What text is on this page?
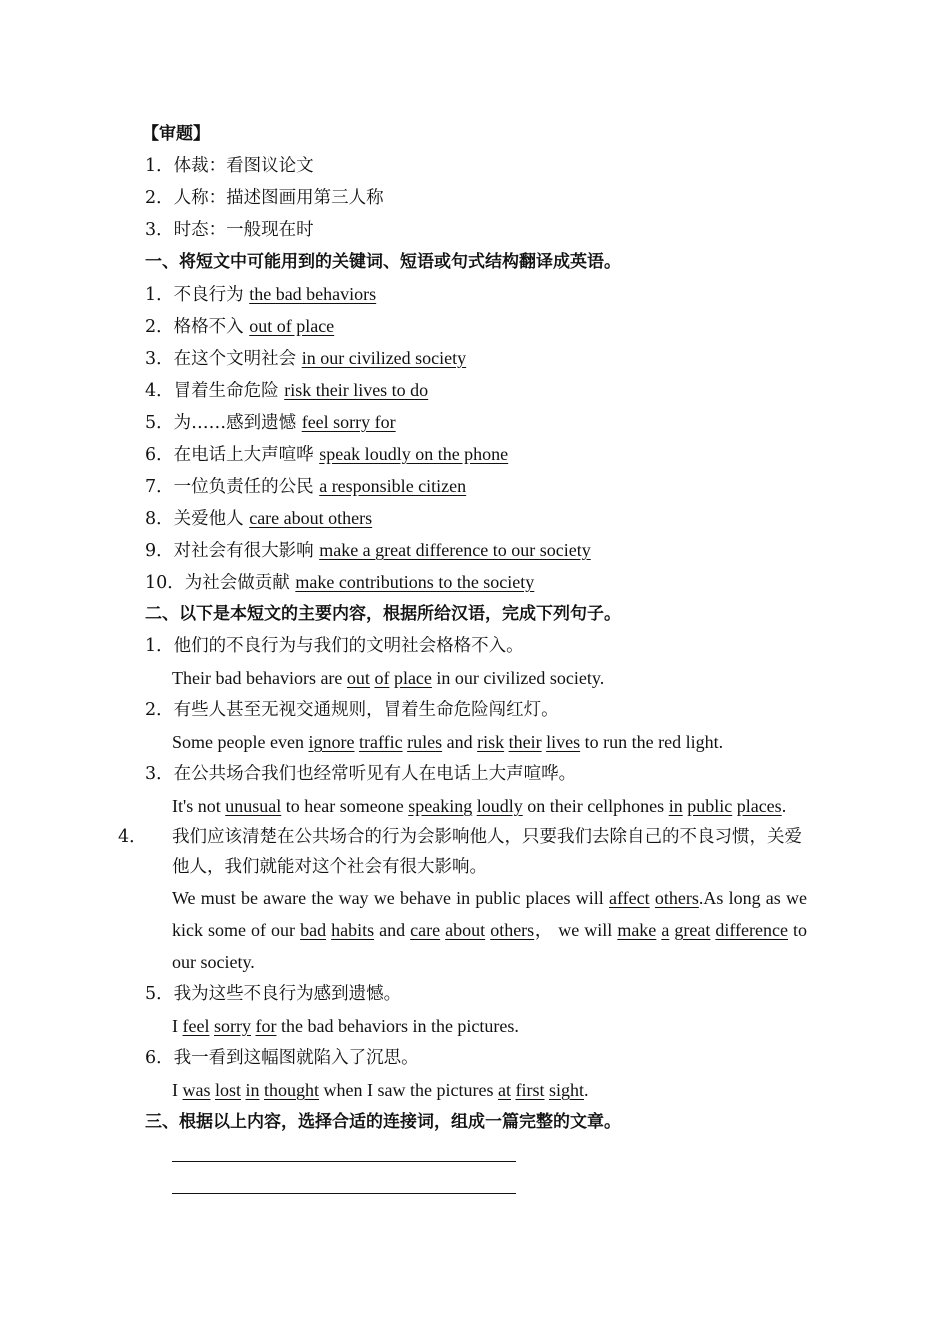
【审题】
1．体裁：看图议论文
2．人称：描述图画用第三人称
3．时态：一般现在时
一、将短文中可能用到的关键词、短语或句式结构翻译成英语。
1．不良行为 the bad behaviors
2．格格不入 out of place
3．在这个文明社会 in our civilized society
4．冒着生命危险 risk their lives to do
5．为……感到遗憾 feel sorry for
6．在电话上大声喧哗 speak loudly on the phone
7．一位负责任的公民 a responsible citizen
8．关爱他人 care about others
9．对社会有很大影响 make a great difference to our society
10．为社会做贡献 make contributions to the society
二、以下是本短文的主要内容，根据所给汉语，完成下列句子。
1．他们的不良行为与我们的文明社会格格不入。
Their bad behaviors are out of place in our civilized society.
2．有些人甚至无视交通规则，冒着生命危险闯红灯。
Some people even ignore traffic rules and risk their lives to run the red light.
3．在公共场合我们也经常听见有人在电话上大声喧哗。
It's not unusual to hear someone speaking loudly on their cellphones in public places.
4． 我们应该清楚在公共场合的行为会影响他人，只要我们去除自己的不良习惯，关爱他人，我们就能对这个社会有很大影响。
We must be aware the way we behave in public places will affect others.As long as we kick some of our bad habits and care about others， we will make a great difference to our society.
5．我为这些不良行为感到遗憾。
I feel sorry for the bad behaviors in the pictures.
6．我一看到这幅图就陷入了沉思。
I was lost in thought when I saw the pictures at first sight.
三、根据以上内容，选择合适的连接词，组成一篇完整的文章。
